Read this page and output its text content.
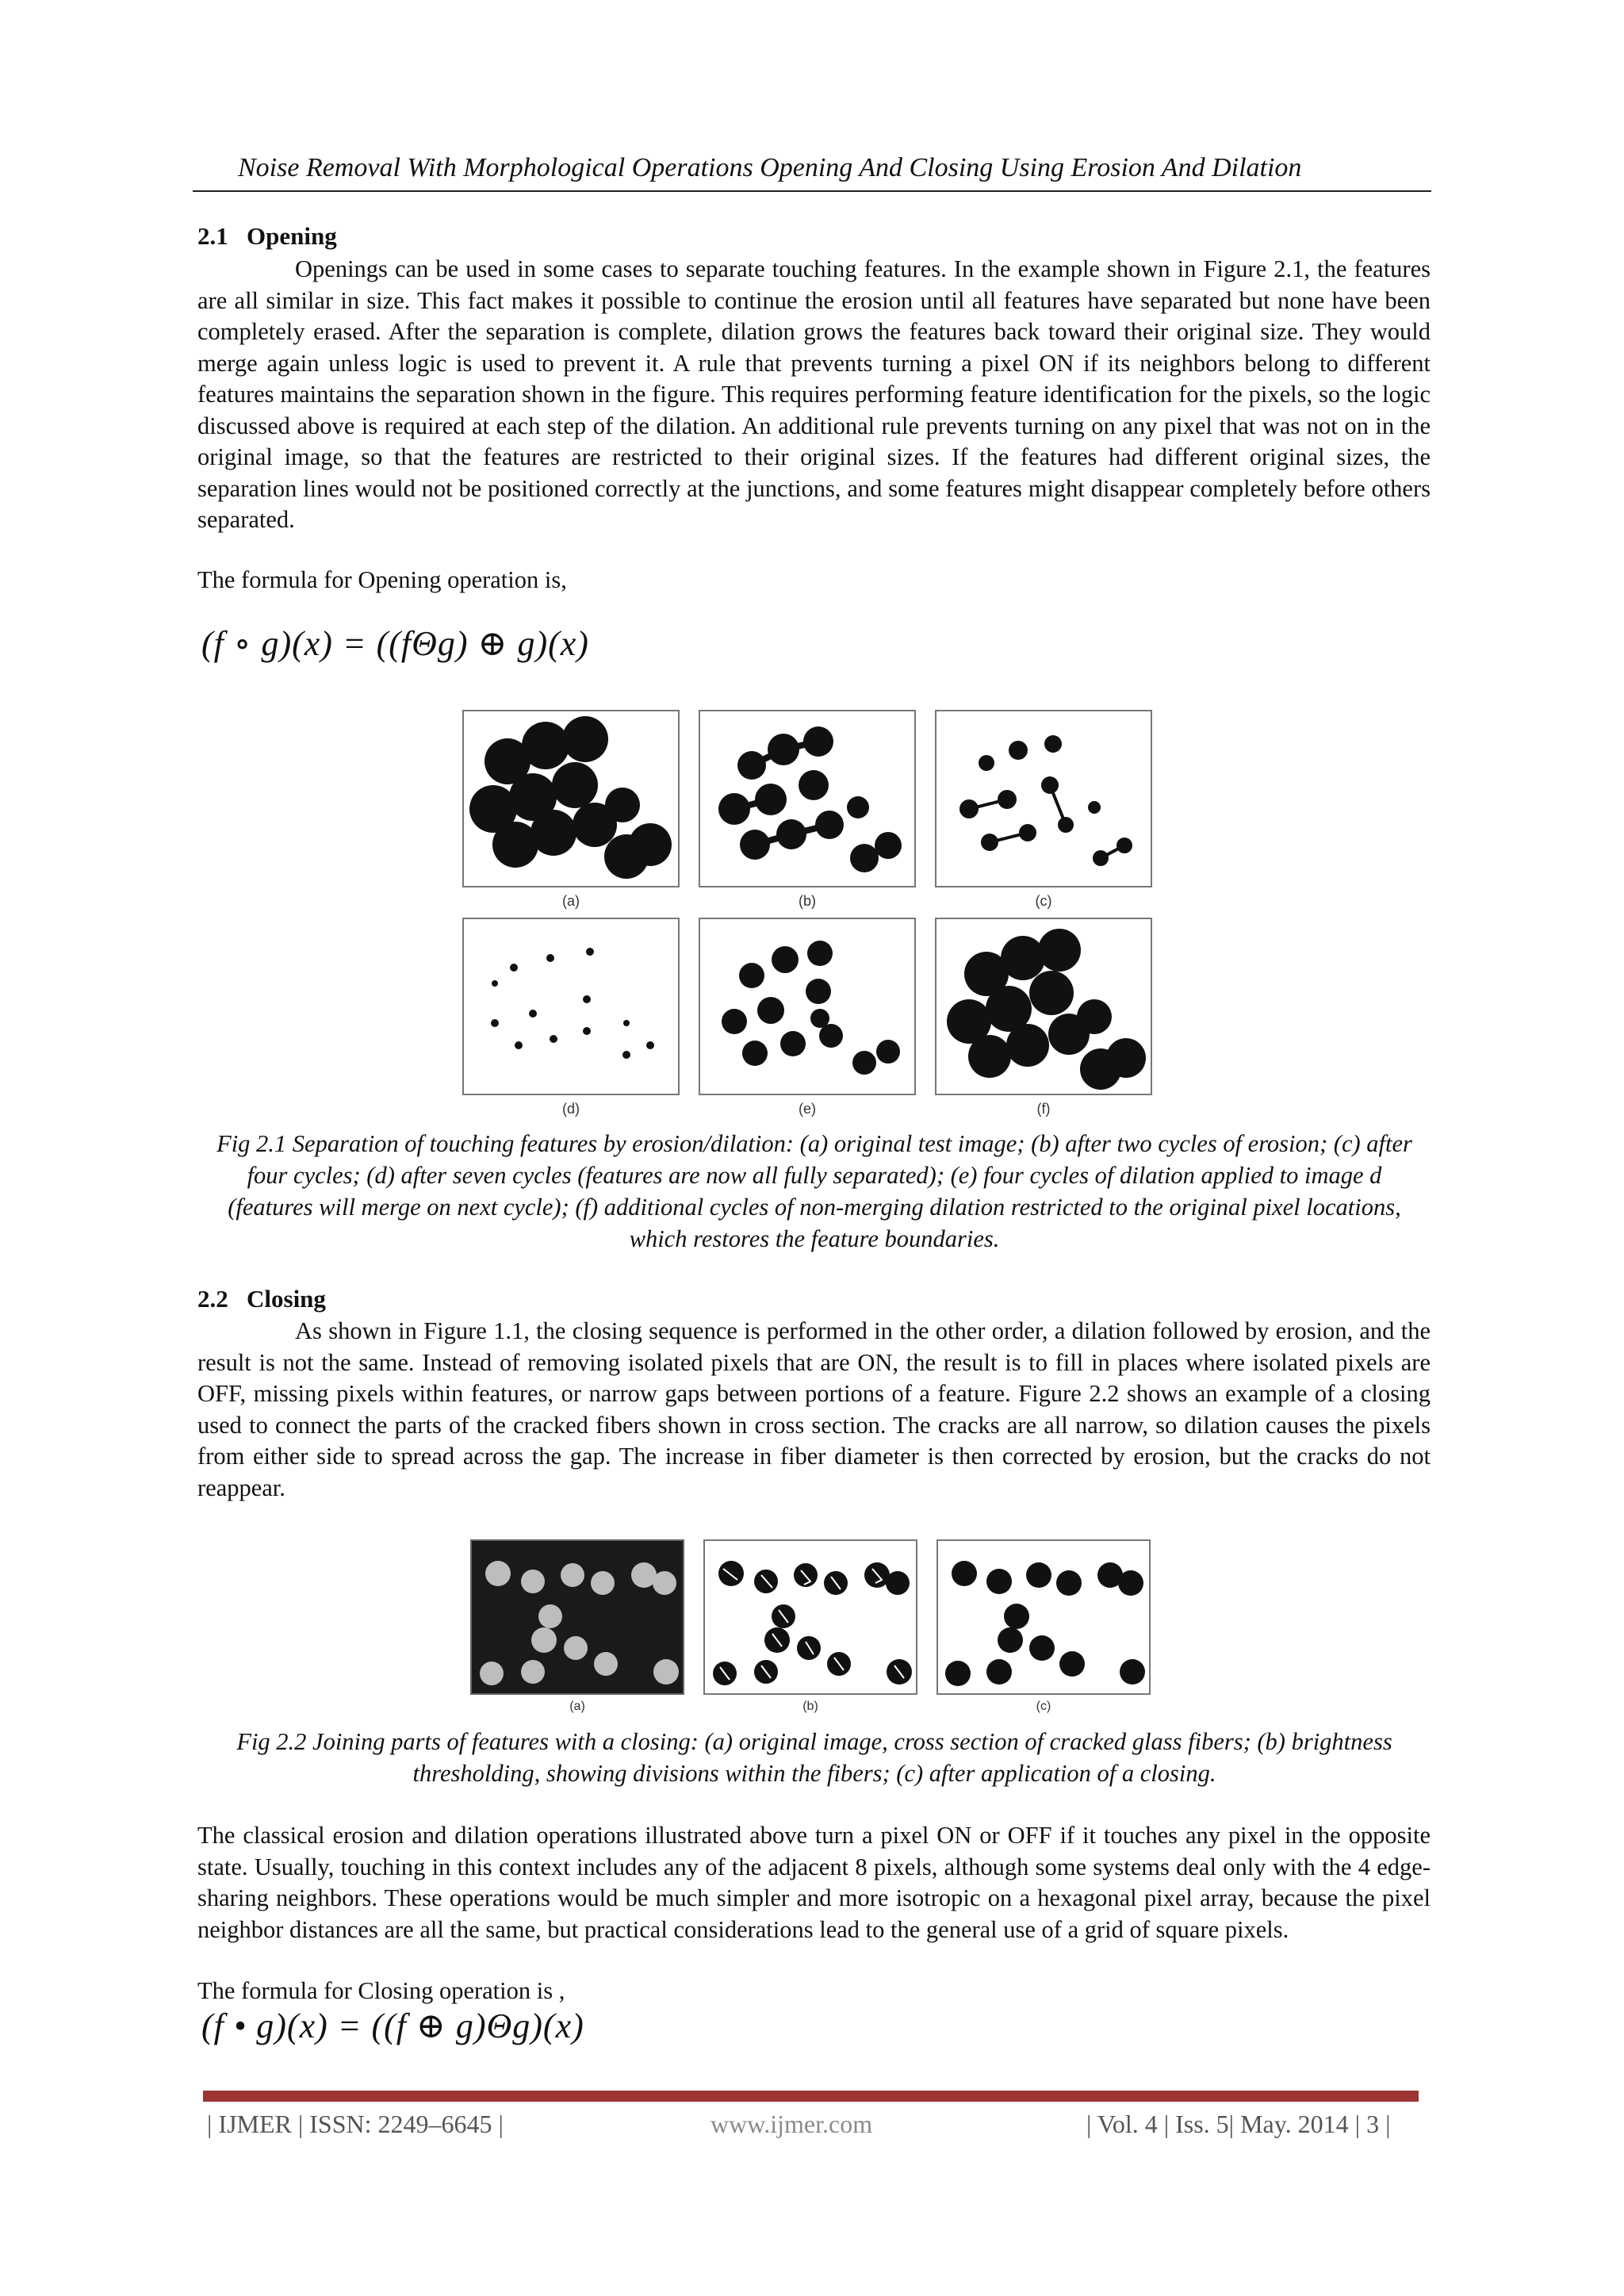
Noise Removal With Morphological Operations Opening And Closing Using Erosion And Dilation
2.1   Opening
Openings can be used in some cases to separate touching features. In the example shown in Figure 2.1, the features are all similar in size. This fact makes it possible to continue the erosion until all features have separated but none have been completely erased. After the separation is complete, dilation grows the features back toward their original size. They would merge again unless logic is used to prevent it. A rule that prevents turning a pixel ON if its neighbors belong to different features maintains the separation shown in the figure. This requires performing feature identification for the pixels, so the logic discussed above is required at each step of the dilation. An additional rule prevents turning on any pixel that was not on in the original image, so that the features are restricted to their original sizes. If the features had different original sizes, the separation lines would not be positioned correctly at the junctions, and some features might disappear completely before others separated.
The formula for Opening operation is,
(f ∘ g)(x) = ((fΘg) ⊕ g)(x)
(a)	(b)	(c)
(d)	(e)	(f)
Fig 2.1 Separation of touching features by erosion/dilation: (a) original test image; (b) after two cycles of erosion; (c) after four cycles; (d) after seven cycles (features are now all fully separated); (e) four cycles of dilation applied to image d (features will merge on next cycle); (f) additional cycles of non-merging dilation restricted to the original pixel locations, which restores the feature boundaries.
2.2   Closing
As shown in Figure 1.1, the closing sequence is performed in the other order, a dilation followed by erosion, and the result is not the same. Instead of removing isolated pixels that are ON, the result is to fill in places where isolated pixels are OFF, missing pixels within features, or narrow gaps between portions of a feature. Figure 2.2 shows an example of a closing used to connect the parts of the cracked fibers shown in cross section. The cracks are all narrow, so dilation causes the pixels from either side to spread across the gap. The increase in fiber diameter is then corrected by erosion, but the cracks do not reappear.
(a)	(b)	(c)
Fig 2.2 Joining parts of features with a closing: (a) original image, cross section of cracked glass fibers; (b) brightness thresholding, showing divisions within the fibers; (c) after application of a closing.
The classical erosion and dilation operations illustrated above turn a pixel ON or OFF if it touches any pixel in the opposite state. Usually, touching in this context includes any of the adjacent 8 pixels, although some systems deal only with the 4 edge-sharing neighbors. These operations would be much simpler and more isotropic on a hexagonal pixel array, because the pixel neighbor distances are all the same, but practical considerations lead to the general use of a grid of square pixels.
The formula for Closing operation is ,
(f • g)(x) = ((f ⊕ g)Θg)(x)
| IJMER | ISSN: 2249–6645 |	www.ijmer.com	| Vol. 4 | Iss. 5| May. 2014 | 3 |
